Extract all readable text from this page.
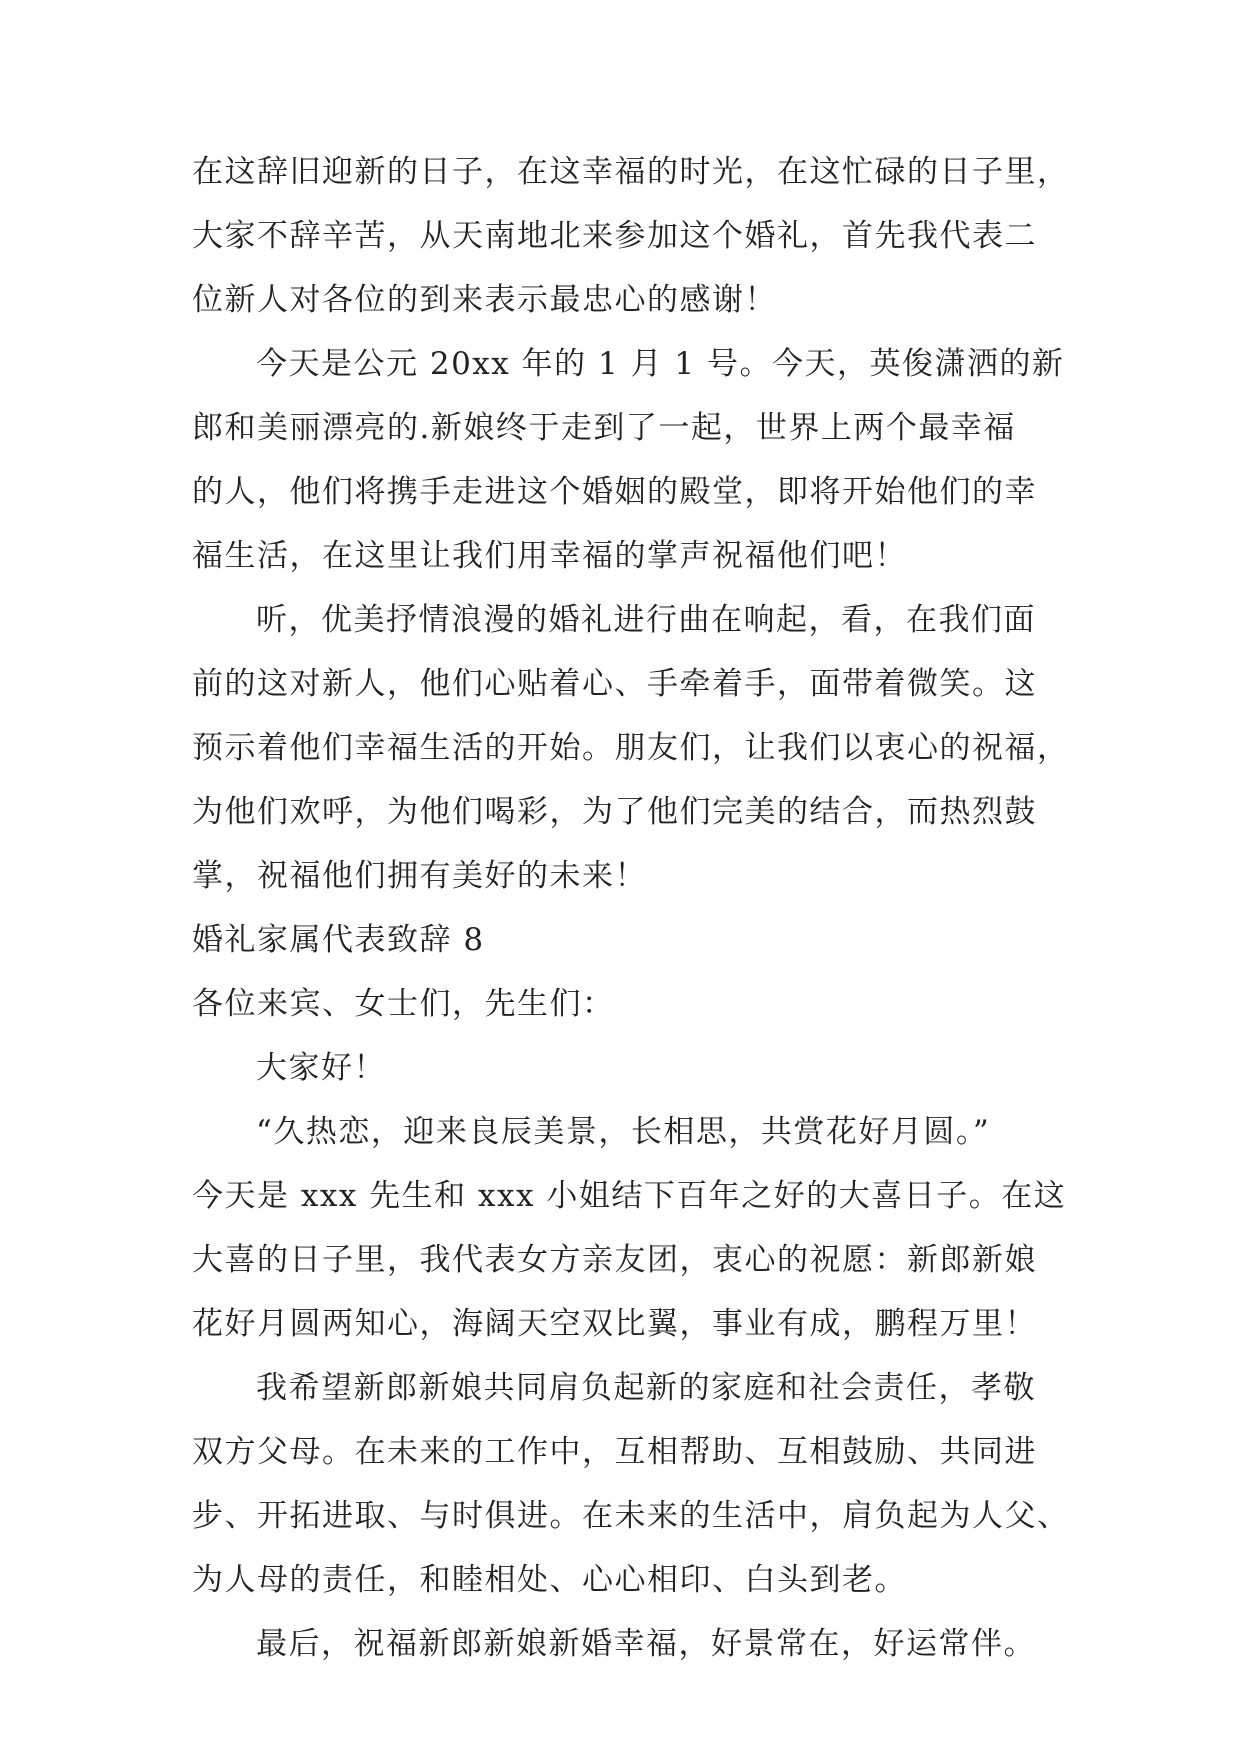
在这辞旧迎新的日子，在这幸福的时光，在这忙碌的日子里，
大家不辞辛苦，从天南地北来参加这个婚礼，首先我代表二
位新人对各位的到来表示最忠心的感谢！
今天是公元 20xx 年的 1 月 1 号。今天，英俊潇洒的新
郎和美丽漂亮的.新娘终于走到了一起，世界上两个最幸福
的人，他们将携手走进这个婚姻的殿堂，即将开始他们的幸
福生活，在这里让我们用幸福的掌声祝福他们吧！
听，优美抒情浪漫的婚礼进行曲在响起，看，在我们面
前的这对新人，他们心贴着心、手牵着手，面带着微笑。这
预示着他们幸福生活的开始。朋友们，让我们以衷心的祝福，
为他们欢呼，为他们喝彩，为了他们完美的结合，而热烈鼓
掌，祝福他们拥有美好的未来！
婚礼家属代表致辞 8
各位来宾、女士们，先生们：
大家好！
“久热恋，迎来良辰美景，长相思，共赏花好月圆。”
今天是 xxx 先生和 xxx 小姐结下百年之好的大喜日子。在这
大喜的日子里，我代表女方亲友团，衷心的祝愿：新郎新娘
花好月圆两知心，海阔天空双比翼，事业有成，鹏程万里！
我希望新郎新娘共同肩负起新的家庭和社会责任，孝敬
双方父母。在未来的工作中，互相帮助、互相鼓励、共同进
步、开拓进取、与时俱进。在未来的生活中，肩负起为人父、
为人母的责任，和睦相处、心心相印、白头到老。
最后，祝福新郎新娘新婚幸福，好景常在，好运常伴。
